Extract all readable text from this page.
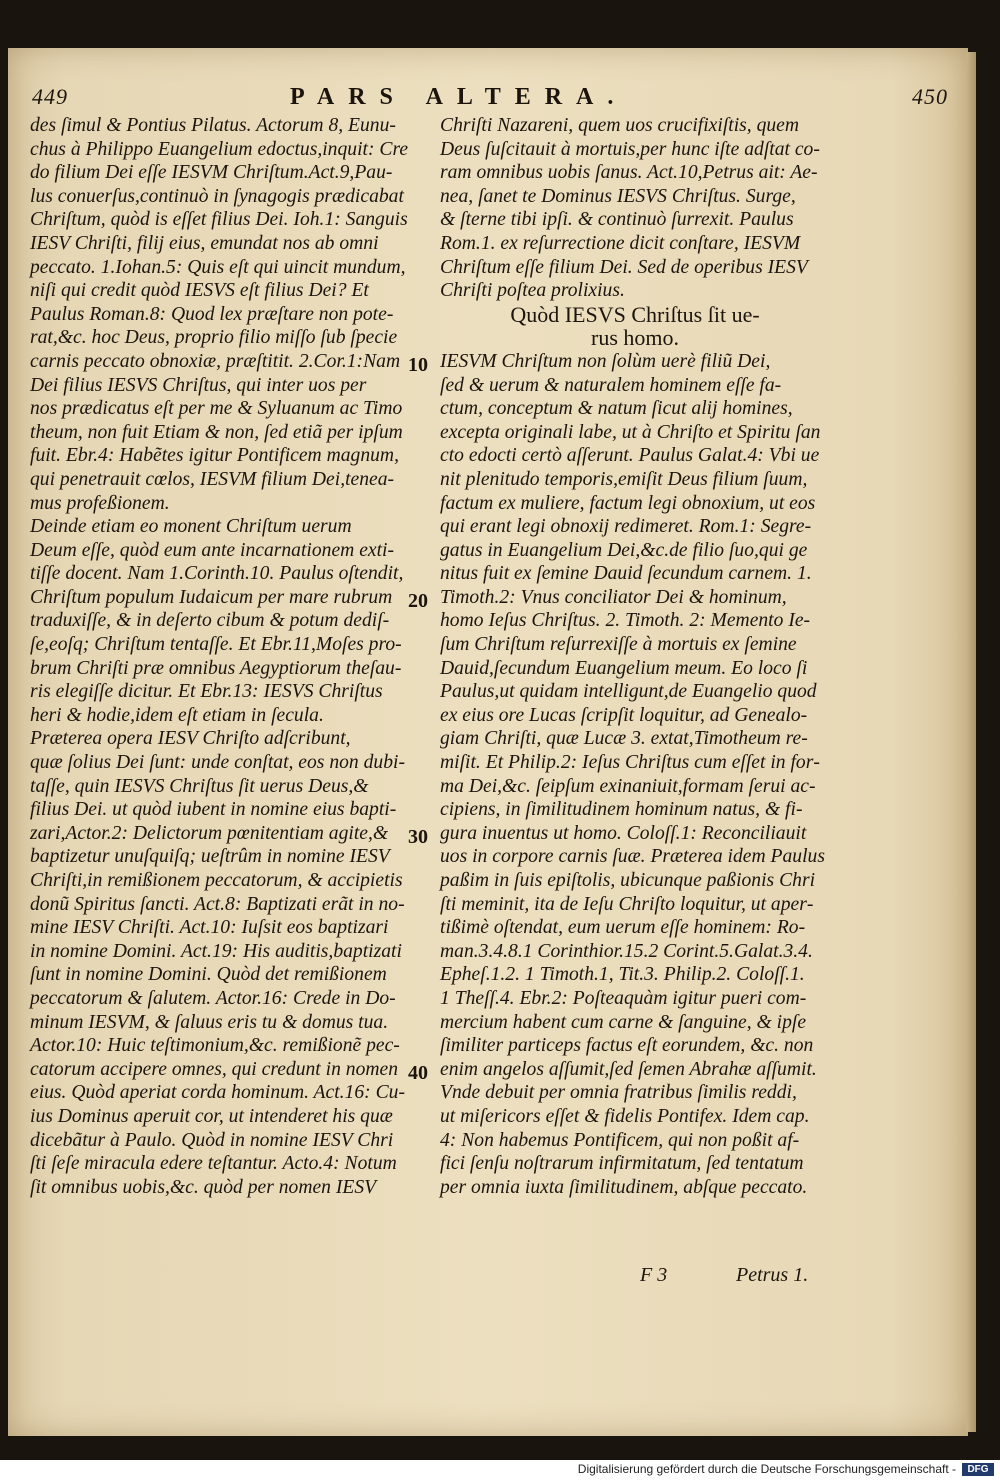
449	PARS ALTERA.	450
des ſimul & Pontius Pilatus. Actorum 8, Eunu‑
chus à Philippo Euangelium edoctus,inquit: Cre
do filium Dei eſſe IESVM Chriſtum.Act.9,Pau‑
lus conuerſus,continuò in ſynagogis prædicabat
Chriſtum, quòd is eſſet filius Dei. Ioh.1: Sanguis
IESV Chriſti, filij eius, emundat nos ab omni
peccato. 1.Iohan.5: Quis eſt qui uincit mundum,
niſi qui credit quòd IESVS eſt filius Dei? Et
Paulus Roman.8: Quod lex præſtare non pote‑
rat,&c. hoc Deus, proprio filio miſſo ſub ſpecie
carnis peccato obnoxiæ, præſtitit. 2.Cor.1:Nam
Dei filius IESVS Chriſtus, qui inter uos per
nos prædicatus eſt per me & Syluanum ac Timo
theum, non fuit Etiam & non, ſed etiã per ipſum
fuit. Ebr.4: Habẽtes igitur Pontificem magnum,
qui penetrauit cœlos, IESVM filium Dei,tenea‑
mus profeßionem.
Deinde etiam eo monent Chriſtum uerum
Deum eſſe, quòd eum ante incarnationem exti‑
tiſſe docent. Nam 1.Corinth.10. Paulus oſtendit,
Chriſtum populum Iudaicum per mare rubrum
traduxiſſe, & in deſerto cibum & potum dediſ‑
ſe,eoſq; Chriſtum tentaſſe. Et Ebr.11,Moſes pro‑
brum Chriſti præ omnibus Aegyptiorum theſau‑
ris elegiſſe dicitur. Et Ebr.13: IESVS Chriſtus
heri & hodie,idem eſt etiam in ſecula.
Præterea opera IESV Chriſto adſcribunt,
quæ ſolius Dei ſunt: unde conſtat, eos non dubi‑
taſſe, quin IESVS Chriſtus ſit uerus Deus,&
filius Dei. ut quòd iubent in nomine eius bapti‑
zari,Actor.2: Delictorum pœnitentiam agite,&
baptizetur unuſquiſq; ueſtrûm in nomine IESV
Chriſti,in remißionem peccatorum, & accipietis
donũ Spiritus ſancti. Act.8: Baptizati erãt in no‑
mine IESV Chriſti. Act.10: Iuſsit eos baptizari
in nomine Domini. Act.19: His auditis,baptizati
ſunt in nomine Domini. Quòd det remißionem
peccatorum & ſalutem. Actor.16: Crede in Do‑
minum IESVM, & ſaluus eris tu & domus tua.
Actor.10: Huic teſtimonium,&c. remißionẽ pec‑
catorum accipere omnes, qui credunt in nomen
eius. Quòd aperiat corda hominum. Act.16: Cu‑
ius Dominus aperuit cor, ut intenderet his quæ
dicebãtur à Paulo. Quòd in nomine IESV Chri
ſti ſeſe miracula edere teſtantur. Acto.4: Notum
ſit omnibus uobis,&c. quòd per nomen IESV
Chriſti Nazareni, quem uos crucifixiſtis, quem
Deus ſuſcitauit à mortuis,per hunc iſte adſtat co‑
ram omnibus uobis ſanus. Act.10,Petrus ait: Ae‑
nea, ſanet te Dominus IESVS Chriſtus. Surge,
& ſterne tibi ipſi. & continuò ſurrexit. Paulus
Rom.1. ex reſurrectione dicit conſtare, IESVM
Chriſtum eſſe filium Dei. Sed de operibus IESV
Chriſti poſtea prolixius.
Quòd IESVS Chriſtus ſit ue‑
rus homo.
IESVM Chriſtum non ſolùm uerè filiũ Dei,
ſed & uerum & naturalem hominem eſſe fa‑
ctum, conceptum & natum ſicut alij homines,
excepta originali labe, ut à Chriſto et Spiritu ſan
cto edocti certò aſſerunt. Paulus Galat.4: Vbi ue
nit plenitudo temporis,emiſit Deus filium ſuum,
factum ex muliere, factum legi obnoxium, ut eos
qui erant legi obnoxij redimeret. Rom.1: Segre‑
gatus in Euangelium Dei,&c.de filio ſuo,qui ge
nitus fuit ex ſemine Dauid ſecundum carnem. 1.
Timoth.2: Vnus conciliator Dei & hominum,
homo Ieſus Chriſtus. 2. Timoth. 2: Memento Ie‑
ſum Chriſtum reſurrexiſſe à mortuis ex ſemine
Dauid,ſecundum Euangelium meum. Eo loco ſi
Paulus,ut quidam intelligunt,de Euangelio quod
ex eius ore Lucas ſcripſit loquitur, ad Genealo‑
giam Chriſti, quæ Lucæ 3. extat,Timotheum re‑
miſit. Et Philip.2: Ieſus Chriſtus cum eſſet in for‑
ma Dei,&c. ſeipſum exinaniuit,formam ſerui ac‑
cipiens, in ſimilitudinem hominum natus, & fi‑
gura inuentus ut homo. Coloſſ.1: Reconciliauit
uos in corpore carnis ſuæ. Præterea idem Paulus
paßim in ſuis epiſtolis, ubicunque paßionis Chri
ſti meminit, ita de Ieſu Chriſto loquitur, ut aper‑
tißimè oſtendat, eum uerum eſſe hominem: Ro‑
man.3.4.8.1 Corinthior.15.2 Corint.5.Galat.3.4.
Epheſ.1.2. 1 Timoth.1, Tit.3. Philip.2. Coloſſ.1.
1 Theſſ.4. Ebr.2: Poſteaquàm igitur pueri com‑
mercium habent cum carne & ſanguine, & ipſe
ſimiliter particeps factus eſt eorundem, &c. non
enim angelos aſſumit,ſed ſemen Abrahæ aſſumit.
Vnde debuit per omnia fratribus ſimilis reddi,
ut miſericors eſſet & fidelis Pontifex. Idem cap.
4: Non habemus Pontificem, qui non poßit af‑
fici ſenſu noſtrarum infirmitatum, ſed tentatum
per omnia iuxta ſimilitudinem, abſque peccato.
10
20
30
40
F 3	Petrus 1.
Digitalisierung gefördert durch die Deutsche Forschungsgemeinschaft -	DFG
